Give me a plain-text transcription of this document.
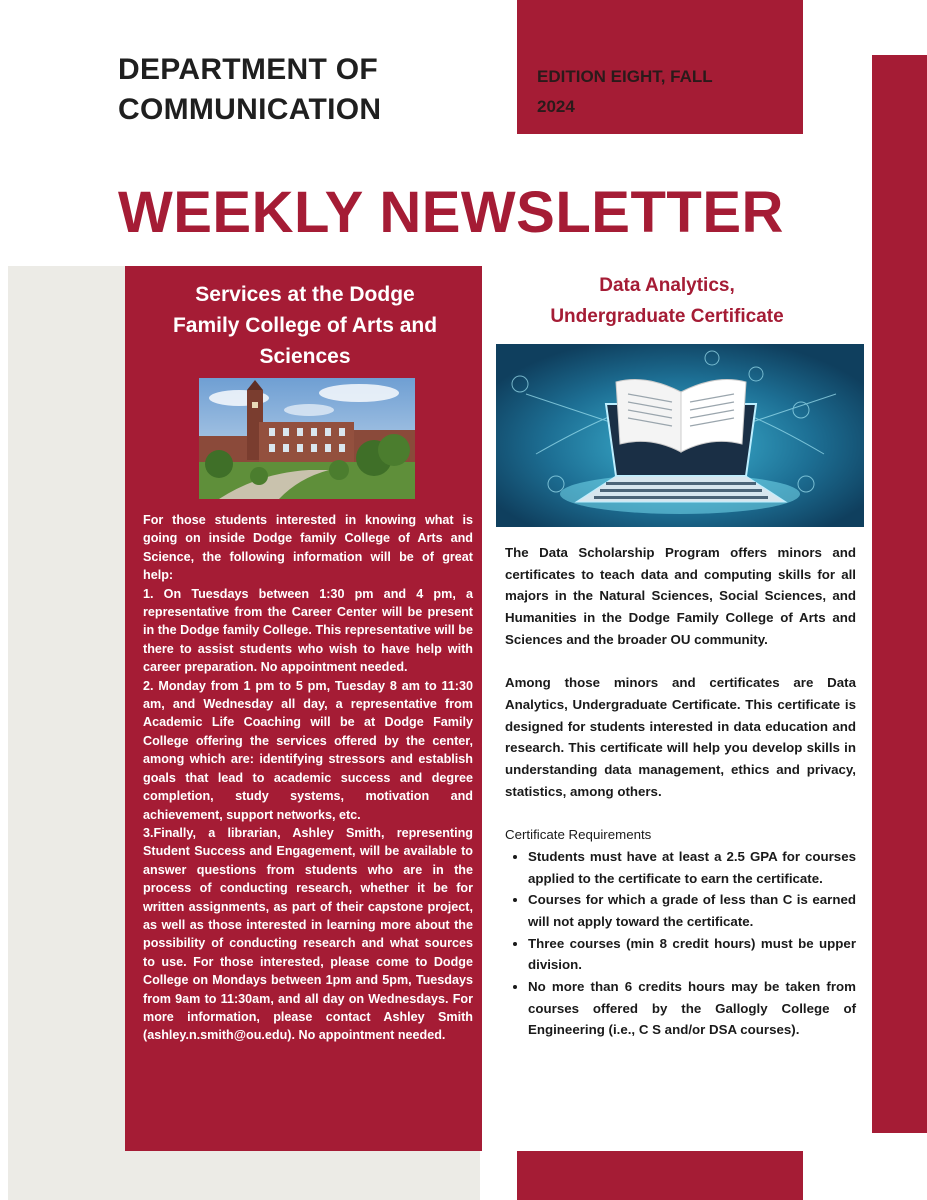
DEPARTMENT OF
COMMUNICATION
EDITION EIGHT, FALL
2024
WEEKLY NEWSLETTER
Services at the Dodge
Family College of Arts and
Sciences

For those students interested in knowing what is going on inside Dodge family College of Arts and Science, the following information will be of great help:

1. On Tuesdays between 1:30 pm and 4 pm, a representative from the Career Center will be present in the Dodge family College. This representative will be there to assist students who wish to have help with career preparation. No appointment needed.

2. Monday from 1 pm to 5 pm, Tuesday 8 am to 11:30 am, and Wednesday all day, a representative from Academic Life Coaching will be at Dodge Family College offering the services offered by the center, among which are: identifying stressors and establish goals that lead to academic success and degree completion, study systems, motivation and achievement, support networks, etc.

3.Finally, a librarian, Ashley Smith, representing Student Success and Engagement, will be available to answer questions from students who are in the process of conducting research, whether it be for written assignments, as part of their capstone project, as well as those interested in learning more about the possibility of conducting research and what sources to use. For those interested, please come to Dodge College on Mondays between 1pm and 5pm, Tuesdays from 9am to 11:30am, and all day on Wednesdays. For more information, please contact Ashley Smith (ashley.n.smith@ou.edu). No appointment needed.

Data Analytics,
Undergraduate Certificate

The Data Scholarship Program offers minors and certificates to teach data and computing skills for all majors in the Natural Sciences, Social Sciences, and Humanities in the Dodge Family College of Arts and Sciences and the broader OU community.

Among those minors and certificates are Data Analytics, Undergraduate Certificate. This certificate is designed for students interested in data education and research. This certificate will help you develop skills in understanding data management, ethics and privacy, statistics, among others.

Certificate Requirements

• Students must have at least a 2.5 GPA for courses applied to the certificate to earn the certificate.
• Courses for which a grade of less than C is earned will not apply toward the certificate.
• Three courses (min 8 credit hours) must be upper division.
• No more than 6 credits hours may be taken from courses offered by the Gallogly College of Engineering (i.e., C S and/or DSA courses).
